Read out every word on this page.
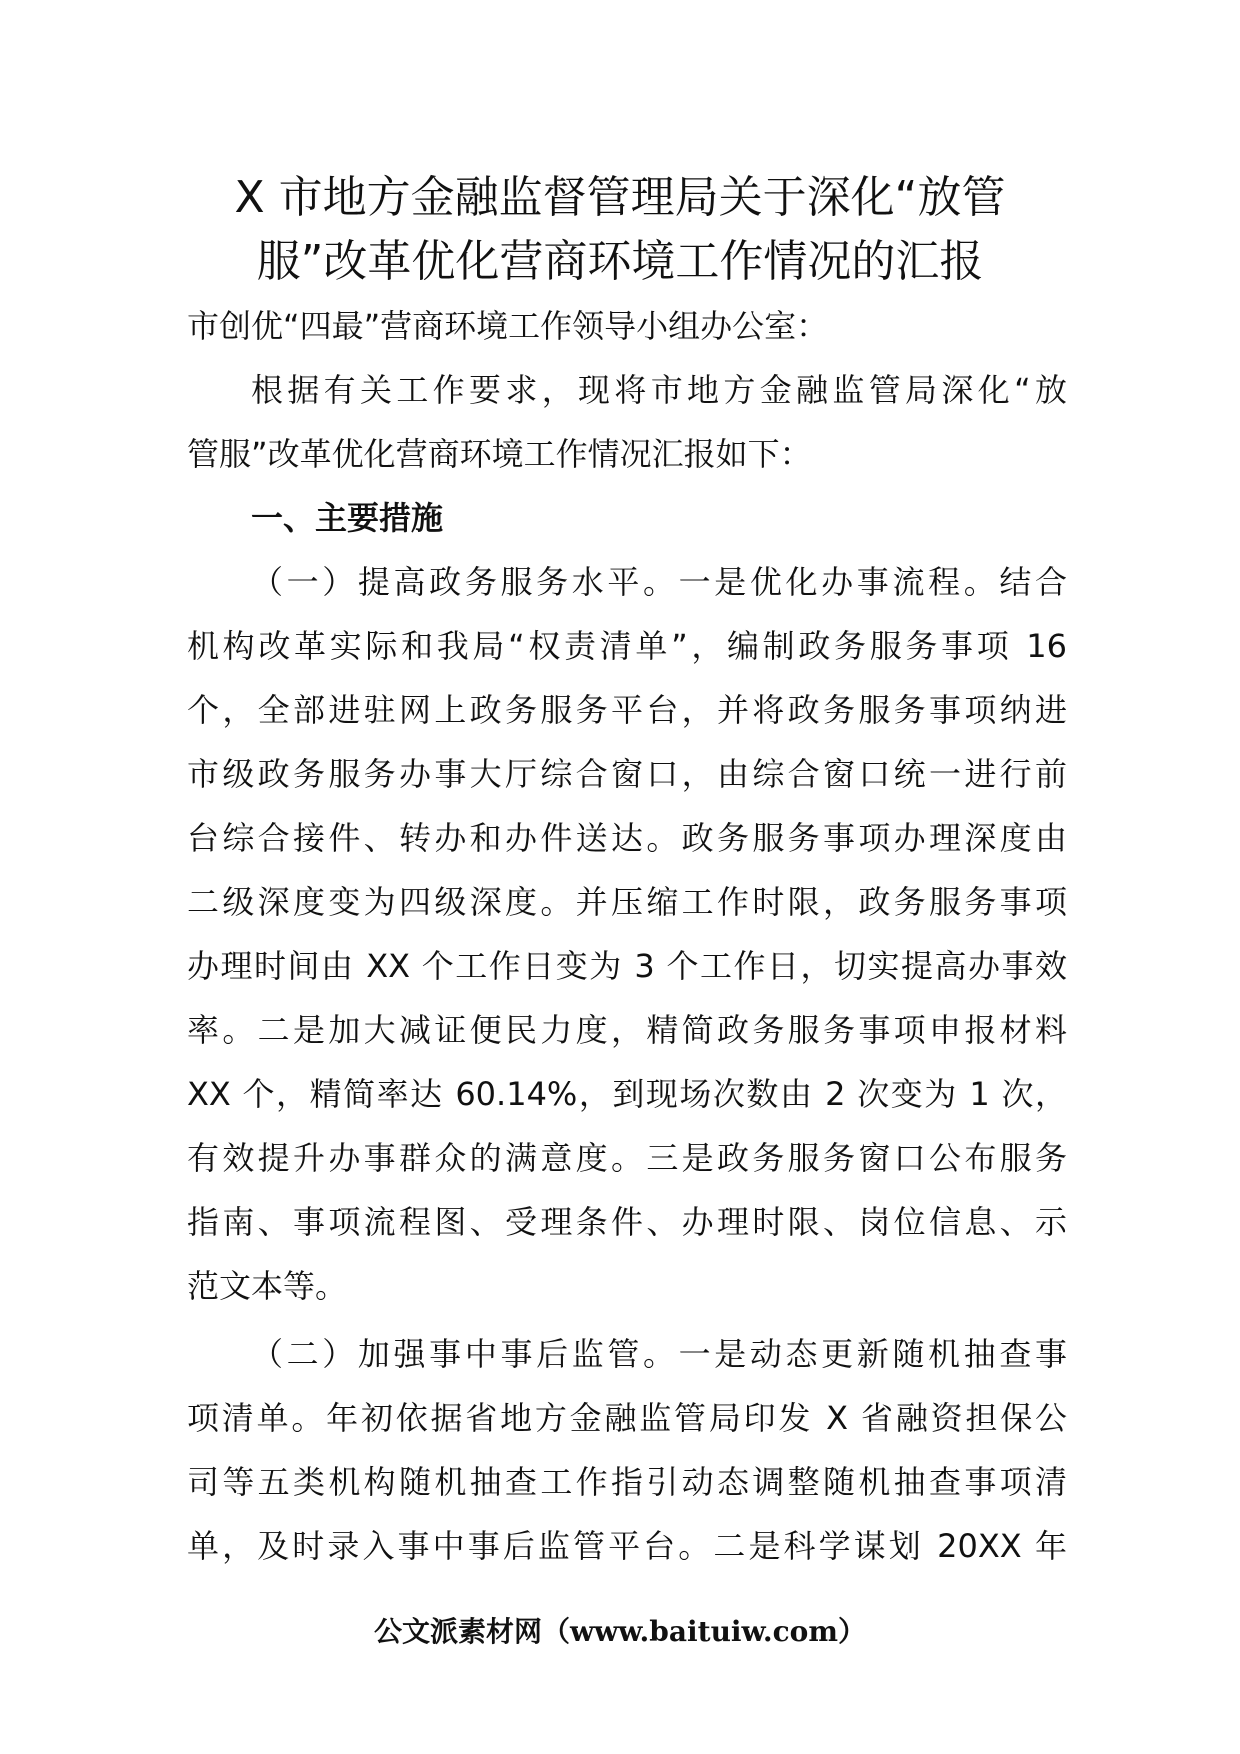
X 市地方金融监督管理局关于深化“放管
服”改革优化营商环境工作情况的汇报

市创优“四最”营商环境工作领导小组办公室：

根据有关工作要求，现将市地方金融监管局深化“放

管服”改革优化营商环境工作情况汇报如下：

一、主要措施

（一）提高政务服务水平。一是优化办事流程。结合

机构改革实际和我局“权责清单”，编制政务服务事项 16

个，全部进驻网上政务服务平台，并将政务服务事项纳进

市级政务服务办事大厅综合窗口，由综合窗口统一进行前

台综合接件、转办和办件送达。政务服务事项办理深度由

二级深度变为四级深度。并压缩工作时限，政务服务事项

办理时间由 XX 个工作日变为 3 个工作日，切实提高办事效

率。二是加大减证便民力度，精简政务服务事项申报材料

XX 个，精简率达 60.14%，到现场次数由 2 次变为 1 次，

有效提升办事群众的满意度。三是政务服务窗口公布服务

指南、事项流程图、受理条件、办理时限、岗位信息、示

范文本等。

（二）加强事中事后监管。一是动态更新随机抽查事

项清单。年初依据省地方金融监管局印发 X 省融资担保公

司等五类机构随机抽查工作指引动态调整随机抽查事项清

单，及时录入事中事后监管平台。二是科学谋划 20XX 年

公文派素材网（www.baituiw.com）
